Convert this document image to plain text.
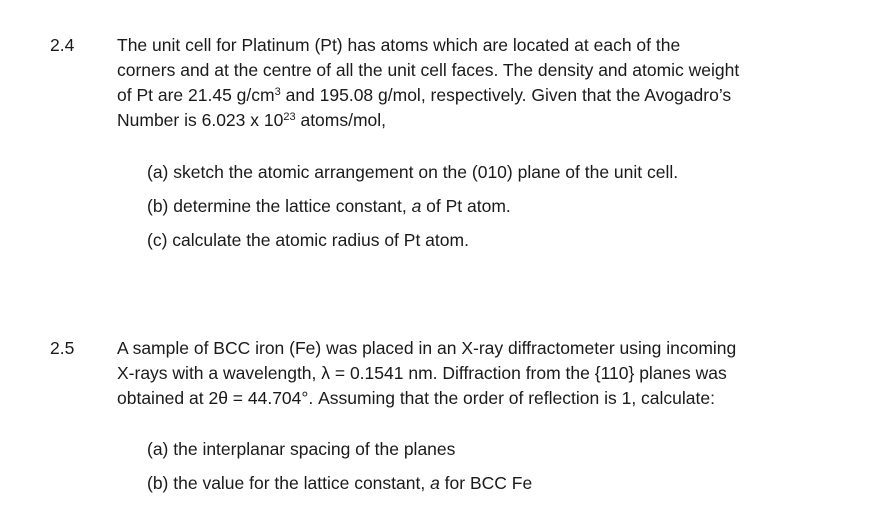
2.4 The unit cell for Platinum (Pt) has atoms which are located at each of the

corners and at the centre of all the unit cell faces. The density and atomic weight

of Pt are 21.45 $g/cm^3$ and 195.08 g/mol, respectively. Given that the Avogadro’s

Number is 6.023 x $10^{23}$ atoms/mol,

(a) sketch the atomic arrangement on the (010) plane of the unit cell.

(b) determine the lattice constant, a of Pt atom.

(c) calculate the atomic radius of Pt atom.

2.5 A sample of BCC iron (Fe) was placed in an X-ray diffractometer using incoming

X-rays with a wavelength, λ = 0.1541 nm. Diffraction from the {110} planes was

obtained at 2θ = 44.704°. Assuming that the order of reflection is 1, calculate:

(a) the interplanar spacing of the planes

(b) the value for the lattice constant, a for BCC Fe
